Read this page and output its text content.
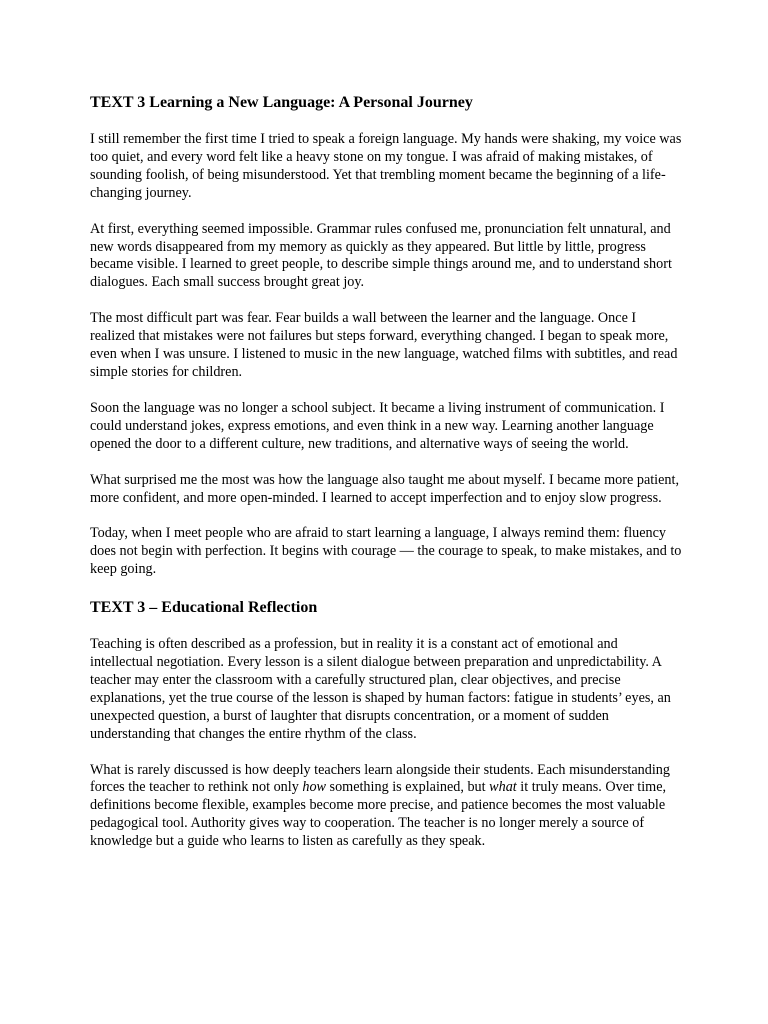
TEXT 3 Learning a New Language: A Personal Journey

I still remember the first time I tried to speak a foreign language. My hands were shaking, my voice was too quiet, and every word felt like a heavy stone on my tongue. I was afraid of making mistakes, of sounding foolish, of being misunderstood. Yet that trembling moment became the beginning of a life-changing journey.

At first, everything seemed impossible. Grammar rules confused me, pronunciation felt unnatural, and new words disappeared from my memory as quickly as they appeared. But little by little, progress became visible. I learned to greet people, to describe simple things around me, and to understand short dialogues. Each small success brought great joy.

The most difficult part was fear. Fear builds a wall between the learner and the language. Once I realized that mistakes were not failures but steps forward, everything changed. I began to speak more, even when I was unsure. I listened to music in the new language, watched films with subtitles, and read simple stories for children.

Soon the language was no longer a school subject. It became a living instrument of communication. I could understand jokes, express emotions, and even think in a new way. Learning another language opened the door to a different culture, new traditions, and alternative ways of seeing the world.

What surprised me the most was how the language also taught me about myself. I became more patient, more confident, and more open-minded. I learned to accept imperfection and to enjoy slow progress.

Today, when I meet people who are afraid to start learning a language, I always remind them: fluency does not begin with perfection. It begins with courage — the courage to speak, to make mistakes, and to keep going.

TEXT 3 – Educational Reflection

Teaching is often described as a profession, but in reality it is a constant act of emotional and intellectual negotiation. Every lesson is a silent dialogue between preparation and unpredictability. A teacher may enter the classroom with a carefully structured plan, clear objectives, and precise explanations, yet the true course of the lesson is shaped by human factors: fatigue in students’ eyes, an unexpected question, a burst of laughter that disrupts concentration, or a moment of sudden understanding that changes the entire rhythm of the class.

What is rarely discussed is how deeply teachers learn alongside their students. Each misunderstanding forces the teacher to rethink not only how something is explained, but what it truly means. Over time, definitions become flexible, examples become more precise, and patience becomes the most valuable pedagogical tool. Authority gives way to cooperation. The teacher is no longer merely a source of knowledge but a guide who learns to listen as carefully as they speak.
